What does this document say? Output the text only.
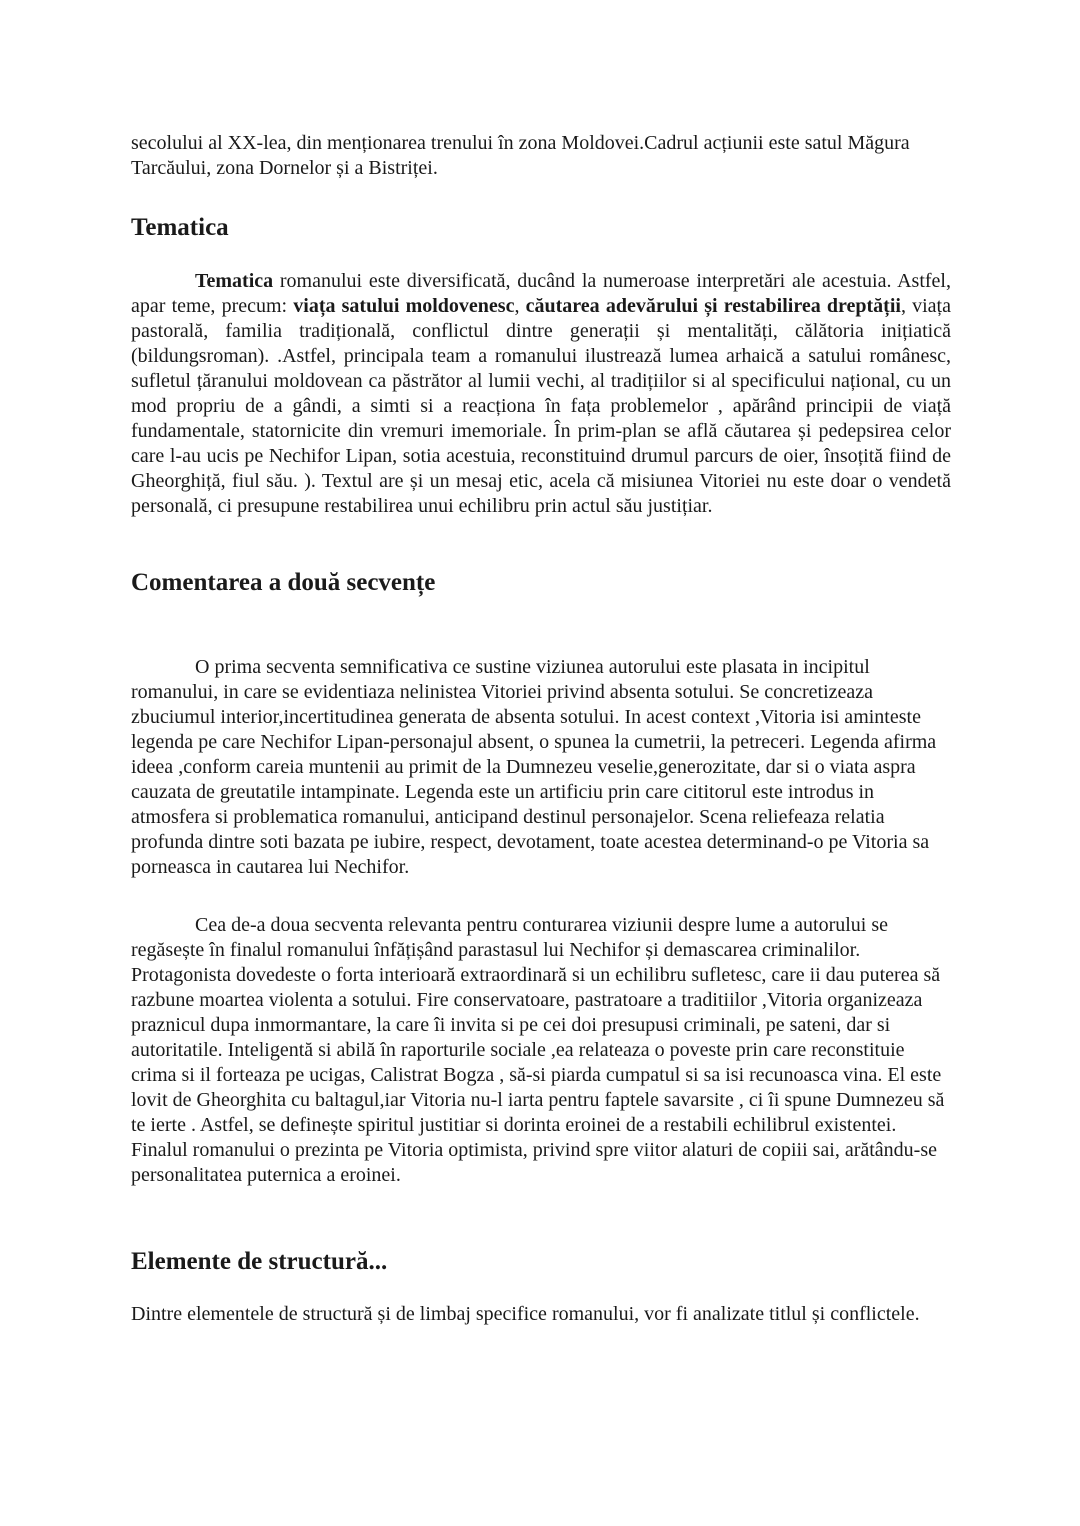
secolului al XX-lea, din menționarea trenului în zona Moldovei.Cadrul acțiunii este satul Măgura Tarcăului, zona Dornelor și a Bistriței.

Tematica

Tematica romanului este diversificată, ducând la numeroase interpretări ale acestuia. Astfel, apar teme, precum: viața satului moldovenesc, căutarea adevărului și restabilirea dreptății, viața pastorală, familia tradițională, conflictul dintre generații și mentalități, călătoria inițiatică (bildungsroman). .Astfel, principala team a romanului ilustrează lumea arhaică a satului românesc, sufletul țăranului moldovean ca păstrător al lumii vechi, al tradițiilor si al specificului național, cu un mod propriu de a gândi, a simti si a reacționa în fața problemelor , apărând principii de viață fundamentale, statornicite din vremuri imemoriale. În prim-plan se află căutarea și pedepsirea celor care l-au ucis pe Nechifor Lipan, sotia acestuia, reconstituind drumul parcurs de oier, însoțită fiind de Gheorghiță, fiul său. ). Textul are și un mesaj etic, acela că misiunea Vitoriei nu este doar o vendetă personală, ci presupune restabilirea unui echilibru prin actul său justițiar.

Comentarea a două secvențe

O prima secventa semnificativa ce sustine viziunea autorului este plasata in incipitul romanului, in care se evidentiaza nelinistea Vitoriei privind absenta sotului. Se concretizeaza zbuciumul interior,incertitudinea generata de absenta sotului. In acest context ,Vitoria isi aminteste legenda pe care Nechifor Lipan-personajul absent, o spunea la cumetrii, la petreceri. Legenda afirma ideea ,conform careia muntenii au primit de la Dumnezeu veselie,generozitate, dar si o viata aspra cauzata de greutatile intampinate. Legenda este un artificiu prin care cititorul este introdus in atmosfera si problematica romanului, anticipand destinul personajelor. Scena reliefeaza relatia profunda dintre soti bazata pe iubire, respect, devotament, toate acestea determinand-o pe Vitoria sa porneasca in cautarea lui Nechifor.

Cea de-a doua secventa relevanta pentru conturarea viziunii despre lume a autorului se regăsește în finalul romanului înfățișând parastasul lui Nechifor și demascarea criminalilor. Protagonista dovedeste o forta interioară extraordinară si un echilibru sufletesc, care ii dau puterea să razbune moartea violenta a sotului. Fire conservatoare, pastratoare a traditiilor ,Vitoria organizeaza praznicul dupa inmormantare, la care îi invita si pe cei doi presupusi criminali, pe sateni, dar si autoritatile. Inteligentă si abilă în raporturile sociale ,ea relateaza o poveste prin care reconstituie crima si il forteaza pe ucigas, Calistrat Bogza , să-si piarda cumpatul si sa isi recunoasca vina. El este lovit de Gheorghita cu baltagul,iar Vitoria nu-l iarta pentru faptele savarsite , ci îi spune Dumnezeu să te ierte . Astfel, se definește spiritul justitiar si dorinta eroinei de a restabili echilibrul existentei. Finalul romanului o prezinta pe Vitoria optimista, privind spre viitor alaturi de copiii sai, arătându-se personalitatea puternica a eroinei.

Elemente de structură...

Dintre elementele de structură și de limbaj specifice romanului, vor fi analizate titlul și conflictele.
